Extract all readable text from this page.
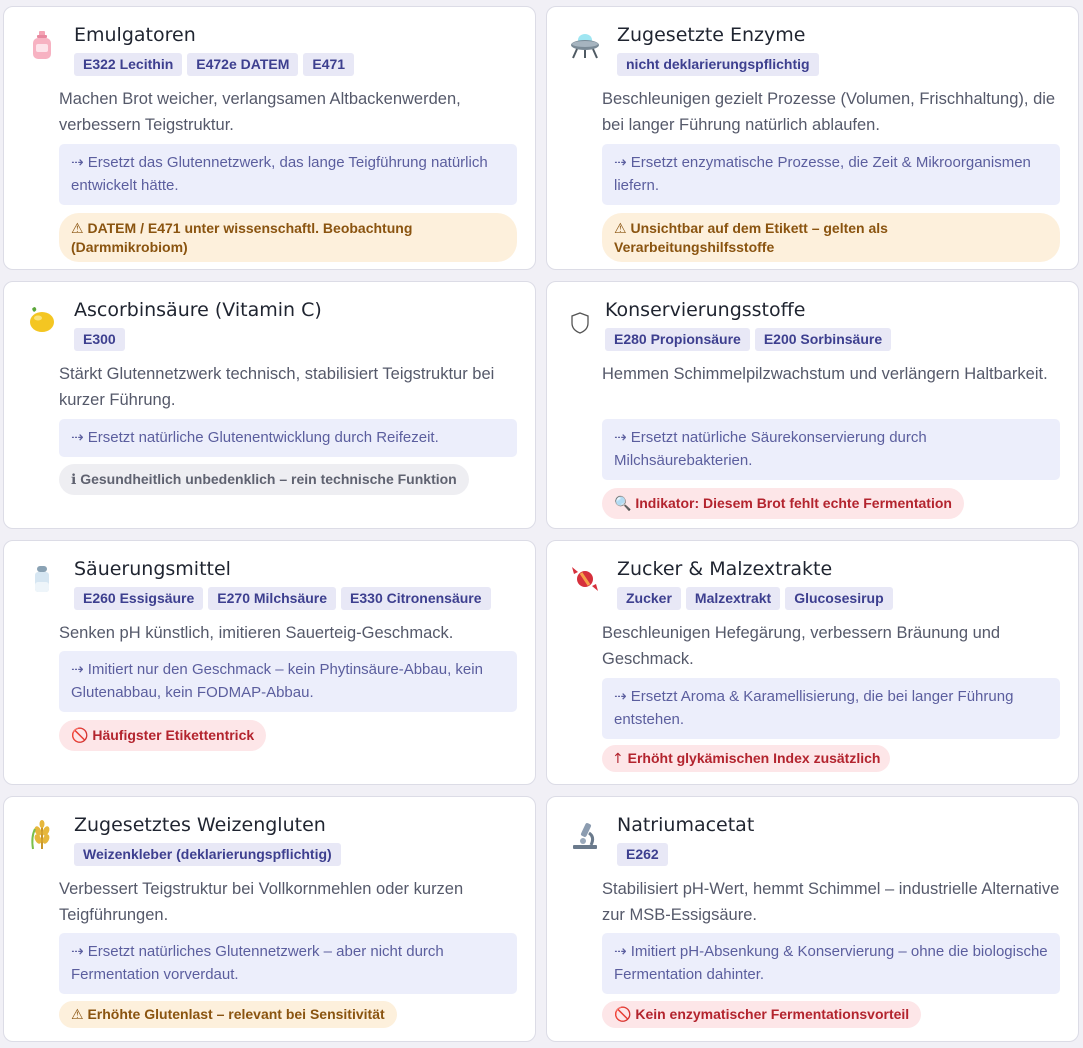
Emulgatoren
E322 Lecithin	E472e DATEM	E471
Machen Brot weicher, verlangsamen Altbackenwerden, verbessern Teigstruktur.
⇢ Ersetzt das Glutennetzwerk, das lange Teigführung natürlich entwickelt hätte.
⚠ DATEM / E471 unter wissenschaftl. Beobachtung (Darmmikrobiom)
Zugesetzte Enzyme
nicht deklarierungspflichtig
Beschleunigen gezielt Prozesse (Volumen, Frischhaltung), die bei langer Führung natürlich ablaufen.
⇢ Ersetzt enzymatische Prozesse, die Zeit & Mikroorganismen liefern.
⚠ Unsichtbar auf dem Etikett – gelten als Verarbeitungshilfsstoffe
Ascorbinsäure (Vitamin C)
E300
Stärkt Glutennetzwerk technisch, stabilisiert Teigstruktur bei kurzer Führung.
⇢ Ersetzt natürliche Glutenentwicklung durch Reifezeit.
ℹ Gesundheitlich unbedenklich – rein technische Funktion
Konservierungsstoffe
E280 Propionsäure	E200 Sorbinsäure
Hemmen Schimmelpilzwachstum und verlängern Haltbarkeit.
⇢ Ersetzt natürliche Säurekonservierung durch Milchsäurebakterien.
🔍 Indikator: Diesem Brot fehlt echte Fermentation
Säuerungsmittel
E260 Essigsäure	E270 Milchsäure	E330 Citronensäure
Senken pH künstlich, imitieren Sauerteig-Geschmack.
⇢ Imitiert nur den Geschmack – kein Phytinsäure-Abbau, kein Glutenabbau, kein FODMAP-Abbau.
🚫 Häufigster Etikettentrick
Zucker & Malzextrakte
Zucker	Malzextrakt	Glucosesirup
Beschleunigen Hefegärung, verbessern Bräunung und Geschmack.
⇢ Ersetzt Aroma & Karamellisierung, die bei langer Führung entstehen.
↑ Erhöht glykämischen Index zusätzlich
Zugesetztes Weizengluten
Weizenkleber (deklarierungspflichtig)
Verbessert Teigstruktur bei Vollkornmehlen oder kurzen Teigführungen.
⇢ Ersetzt natürliches Glutennetzwerk – aber nicht durch Fermentation vorverdaut.
⚠ Erhöhte Glutenlast – relevant bei Sensitivität
Natriumacetat
E262
Stabilisiert pH-Wert, hemmt Schimmel – industrielle Alternative zur MSB-Essigsäure.
⇢ Imitiert pH-Absenkung & Konservierung – ohne die biologische Fermentation dahinter.
🚫 Kein enzymatischer Fermentationsvorteil
